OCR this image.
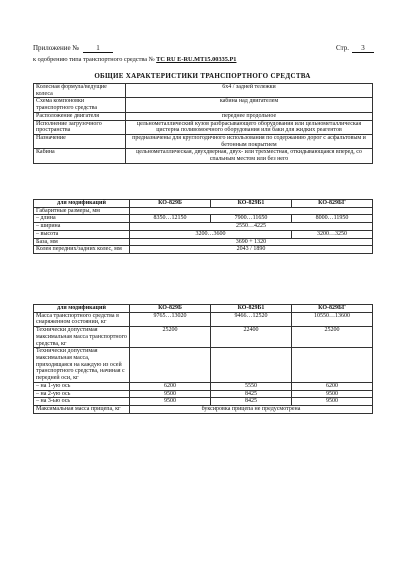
Приложение № 1	Стр. 3
к одобрению типа транспортного средства № TC RU E-RU.MT15.00335.P1
ОБЩИЕ ХАРАКТЕРИСТИКИ ТРАНСПОРТНОГО СРЕДСТВА
Колесная формула/ведущие колеса	6х4 / задней тележки
Схема компоновки транспортного средства	кабина над двигателем
Расположение двигателя	переднее продольное
Исполнение загрузочного пространства	цельнометаллический кузов разбрасывающего оборудования или цельнометаллическая цистерна поливомоечного оборудования или баки для жидких реагентов
Назначение	предназначены для круглогодичного использования по содержанию дорог с асфальтовым и бетонным покрытием
Кабина	цельнометаллическая, двухдверная, двух- или трехместная, откидывающаяся вперед, со спальным местом или без него
для модификаций	КО-829Б	КО-829Б1	КО-829БГ
Габаритные размеры, мм			
– длина	8350…12150	7900…11650	8000…11950
– ширина	2550…4225		
– высота	3200…3600		3200…3250
База, мм	3690 + 1320		
Колея передних/задних колес, мм	2043 / 1890		
для модификаций	КО-829Б	КО-829Б1	КО-829БГ
Масса транспортного средства в снаряженном состоянии, кг	9765…13020	9466…12520	10550…13600
Технически допустимая максимальная масса транспортного средства, кг	25200	22400	25200
Технически допустимая максимальная масса, приходящаяся на каждую из осей транспортного средства, начиная с передней оси, кг			
– на 1-ую ось	6200	5550	6200
– на 2-ую ось	9500	8425	9500
– на 3-ью ось	9500	8425	9500
Максимальная масса прицепа, кг	буксировка прицепа не предусмотрена		
